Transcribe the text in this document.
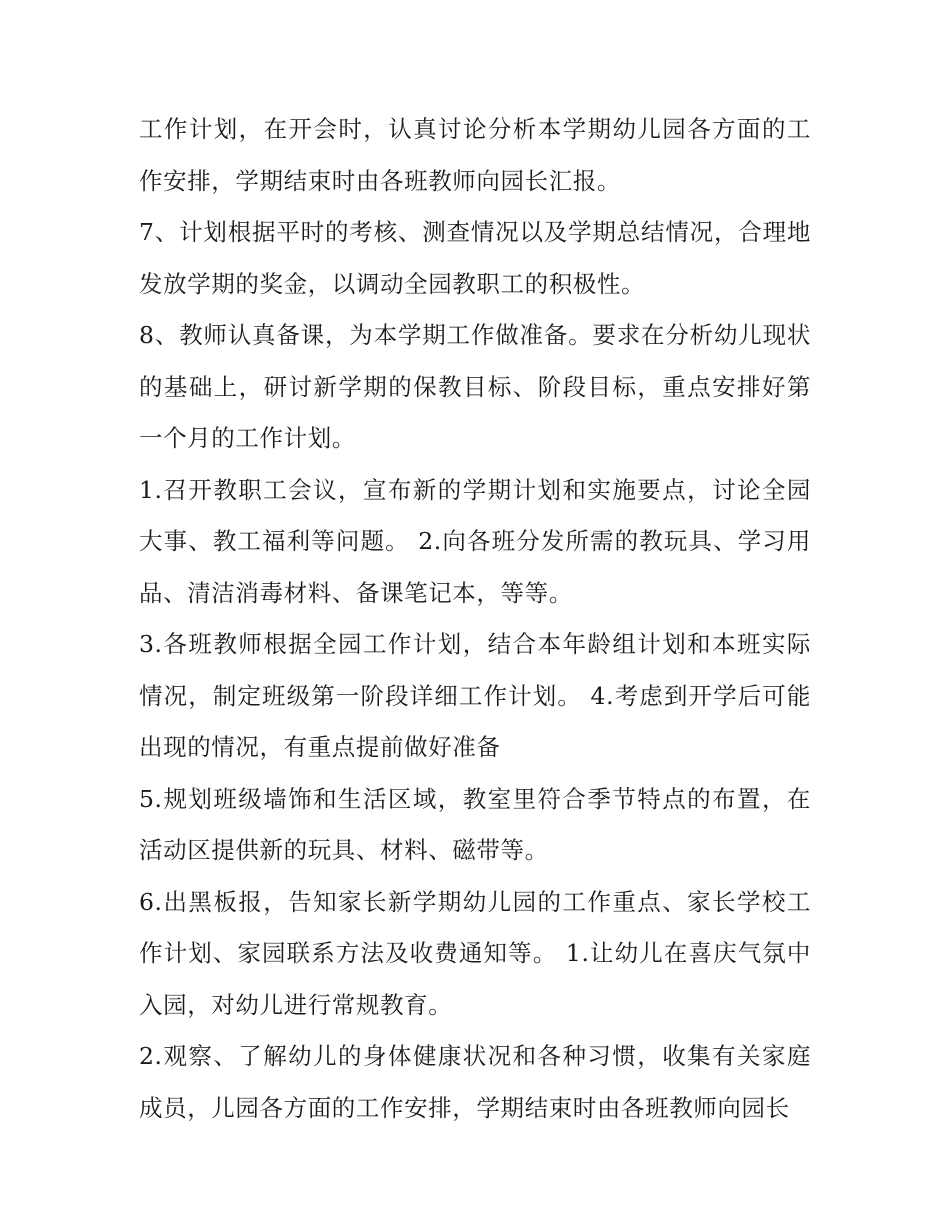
工作计划，在开会时，认真讨论分析本学期幼儿园各方面的工作安排，学期结束时由各班教师向园长汇报。

7、计划根据平时的考核、测查情况以及学期总结情况，合理地发放学期的奖金，以调动全园教职工的积极性。

8、教师认真备课，为本学期工作做准备。要求在分析幼儿现状的基础上，研讨新学期的保教目标、阶段目标，重点安排好第一个月的工作计划。

1.召开教职工会议，宣布新的学期计划和实施要点，讨论全园大事、教工福利等问题。 2.向各班分发所需的教玩具、学习用品、清洁消毒材料、备课笔记本，等等。

3.各班教师根据全园工作计划，结合本年龄组计划和本班实际情况，制定班级第一阶段详细工作计划。 4.考虑到开学后可能出现的情况，有重点提前做好准备

5.规划班级墙饰和生活区域，教室里符合季节特点的布置，在活动区提供新的玩具、材料、磁带等。

6.出黑板报，告知家长新学期幼儿园的工作重点、家长学校工作计划、家园联系方法及收费通知等。 1.让幼儿在喜庆气氛中入园，对幼儿进行常规教育。

2.观察、了解幼儿的身体健康状况和各种习惯，收集有关家庭成员，儿园各方面的工作安排，学期结束时由各班教师向园长
